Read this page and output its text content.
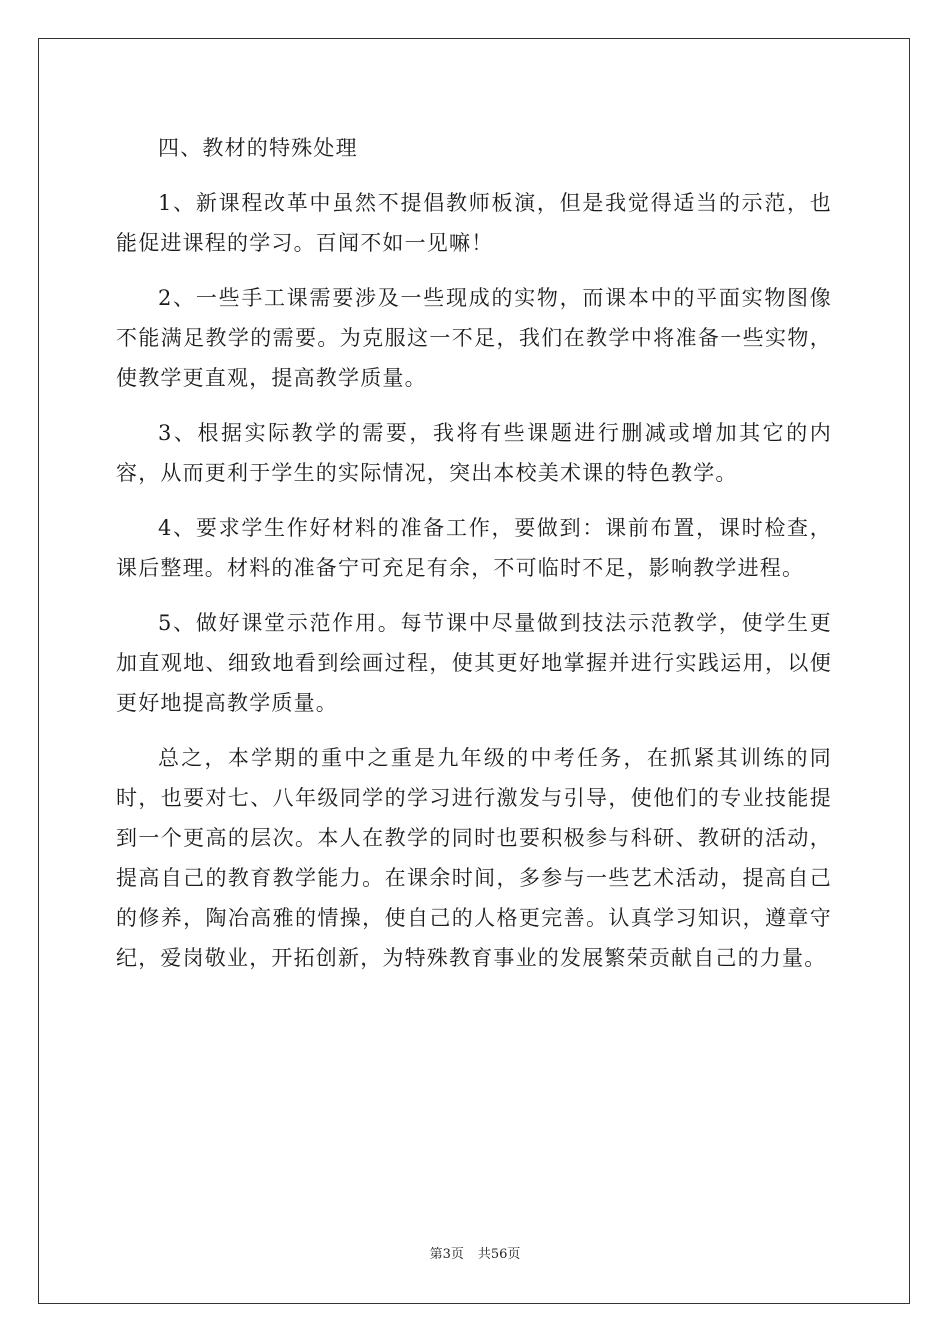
四、教材的特殊处理

1、新课程改革中虽然不提倡教师板演，但是我觉得适当的示范，也能促进课程的学习。百闻不如一见嘛！

2、一些手工课需要涉及一些现成的实物，而课本中的平面实物图像不能满足教学的需要。为克服这一不足，我们在教学中将准备一些实物，使教学更直观，提高教学质量。

3、根据实际教学的需要，我将有些课题进行删减或增加其它的内容，从而更利于学生的实际情况，突出本校美术课的特色教学。

4、要求学生作好材料的准备工作，要做到：课前布置，课时检查，课后整理。材料的准备宁可充足有余，不可临时不足，影响教学进程。

5、做好课堂示范作用。每节课中尽量做到技法示范教学，使学生更加直观地、细致地看到绘画过程，使其更好地掌握并进行实践运用，以便更好地提高教学质量。

总之，本学期的重中之重是九年级的中考任务，在抓紧其训练的同时，也要对七、八年级同学的学习进行激发与引导，使他们的专业技能提到一个更高的层次。本人在教学的同时也要积极参与科研、教研的活动，提高自己的教育教学能力。在课余时间，多参与一些艺术活动，提高自己的修养，陶冶高雅的情操，使自己的人格更完善。认真学习知识，遵章守纪，爱岗敬业，开拓创新，为特殊教育事业的发展繁荣贡献自己的力量。

第3页 共56页
